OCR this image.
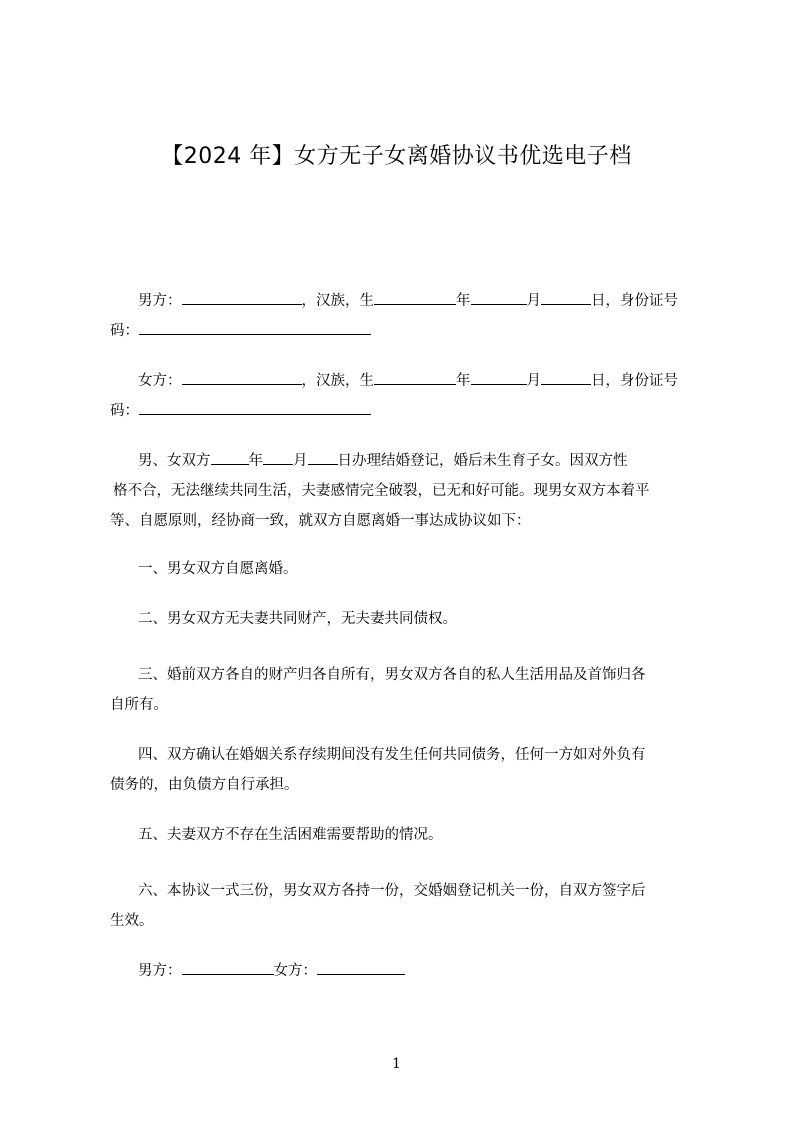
【2024 年】女方无子女离婚协议书优选电子档
男方：	，汉族，生	年	月	日，身份证号
码：
女方：	，汉族，生	年	月	日，身份证号
码：
男、女双方	年 月 日办理结婚登记，婚后未生育子女。因双方性
格不合，无法继续共同生活，夫妻感情完全破裂，已无和好可能。现男女双方本着平
等、自愿原则，经协商一致，就双方自愿离婚一事达成协议如下：
一、男女双方自愿离婚。
二、男女双方无夫妻共同财产，无夫妻共同债权。
三、婚前双方各自的财产归各自所有，男女双方各自的私人生活用品及首饰归各
自所有。
四、双方确认在婚姻关系存续期间没有发生任何共同债务，任何一方如对外负有
债务的，由负债方自行承担。
五、夫妻双方不存在生活困难需要帮助的情况。
六、本协议一式三份，男女双方各持一份，交婚姻登记机关一份，自双方签字后
生效。
男方：	女方：
1
